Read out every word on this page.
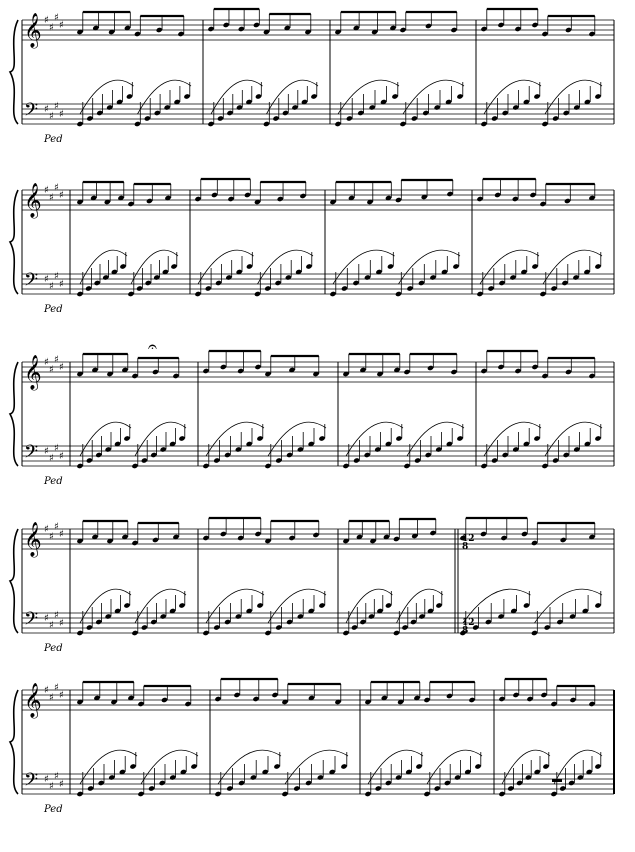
𝄞
𝄢
♯
♯
♯
♯
♯
♯
♯
♯
Ped
𝄞
𝄢
♯
♯
♯
♯
♯
♯
♯
♯
Ped
𝄞
𝄢
♯
♯
♯
♯
♯
♯
♯
♯
Ped
𝄞
𝄢
♯
♯
♯
♯
♯
♯
♯
♯
Ped
𝄞
𝄢
♯
♯
♯
♯
♯
♯
♯
♯
Ped
𝄐
12
8
12
8
